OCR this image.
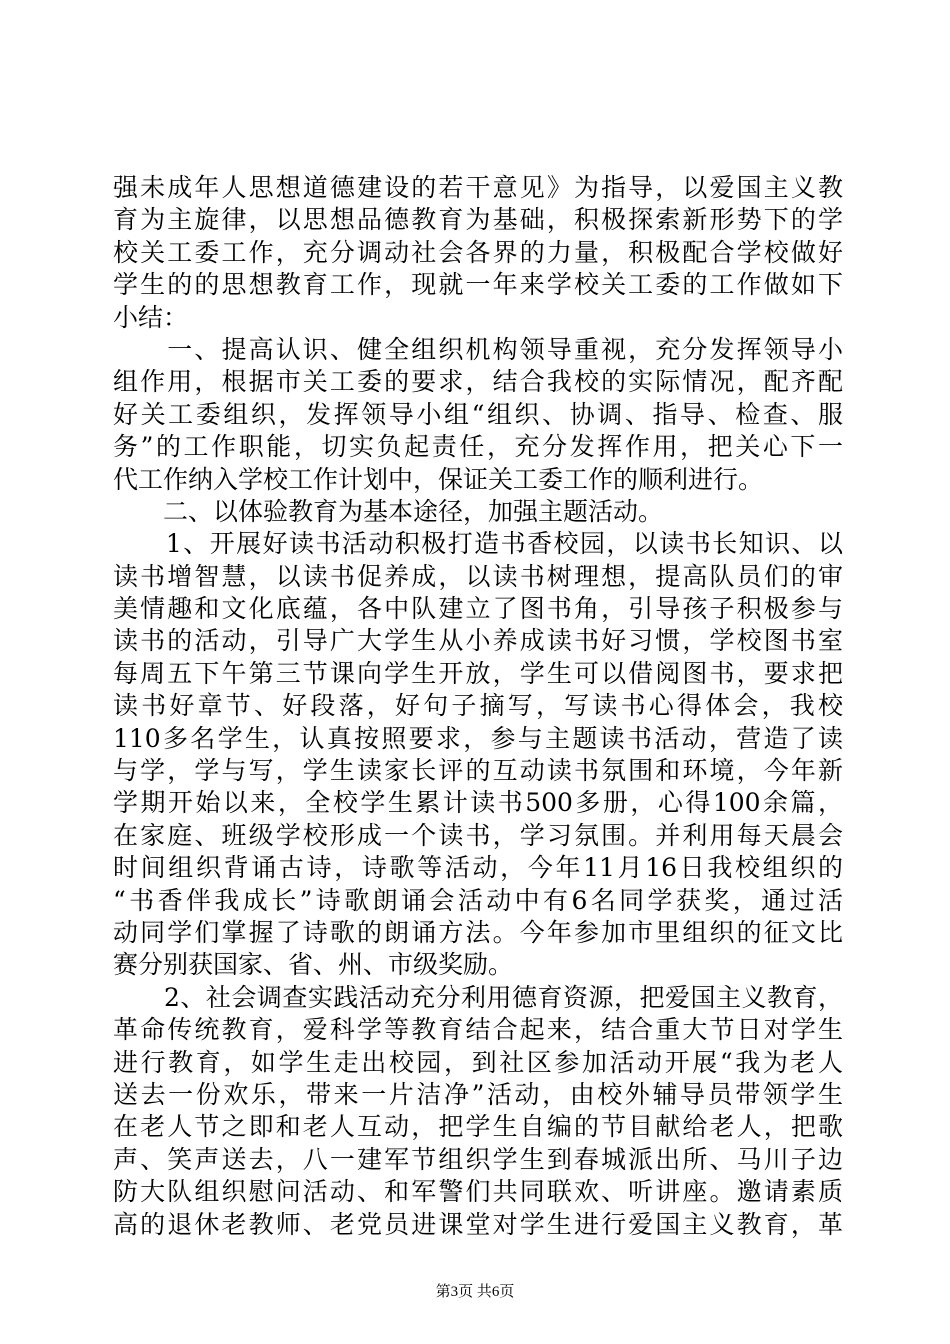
强未成年人思想道德建设的若干意见》为指导，以爱国主义教
育为主旋律，以思想品德教育为基础，积极探索新形势下的学
校关工委工作，充分调动社会各界的力量，积极配合学校做好
学生的的思想教育工作，现就一年来学校关工委的工作做如下
小结：
　　一、提高认识、健全组织机构领导重视，充分发挥领导小
组作用，根据市关工委的要求，结合我校的实际情况，配齐配
好关工委组织，发挥领导小组“组织、协调、指导、检查、服
务”的工作职能，切实负起责任，充分发挥作用，把关心下一
代工作纳入学校工作计划中，保证关工委工作的顺利进行。
　　二、以体验教育为基本途径，加强主题活动。
　　1、开展好读书活动积极打造书香校园，以读书长知识、以
读书增智慧，以读书促养成，以读书树理想，提高队员们的审
美情趣和文化底蕴，各中队建立了图书角，引导孩子积极参与
读书的活动，引导广大学生从小养成读书好习惯，学校图书室
每周五下午第三节课向学生开放，学生可以借阅图书，要求把
读书好章节、好段落，好句子摘写，写读书心得体会，我校
110多名学生，认真按照要求，参与主题读书活动，营造了读
与学，学与写，学生读家长评的互动读书氛围和环境，今年新
学期开始以来，全校学生累计读书500多册，心得100余篇，
在家庭、班级学校形成一个读书，学习氛围。并利用每天晨会
时间组织背诵古诗，诗歌等活动，今年11月16日我校组织的
“书香伴我成长”诗歌朗诵会活动中有6名同学获奖，通过活
动同学们掌握了诗歌的朗诵方法。今年参加市里组织的征文比
赛分别获国家、省、州、市级奖励。
　　2、社会调查实践活动充分利用德育资源，把爱国主义教育，
革命传统教育，爱科学等教育结合起来，结合重大节日对学生
进行教育，如学生走出校园，到社区参加活动开展“我为老人
送去一份欢乐，带来一片洁净”活动，由校外辅导员带领学生
在老人节之即和老人互动，把学生自编的节目献给老人，把歌
声、笑声送去，八一建军节组织学生到春城派出所、马川子边
防大队组织慰问活动、和军警们共同联欢、听讲座。邀请素质
高的退休老教师、老党员进课堂对学生进行爱国主义教育，革
第3页 共6页
